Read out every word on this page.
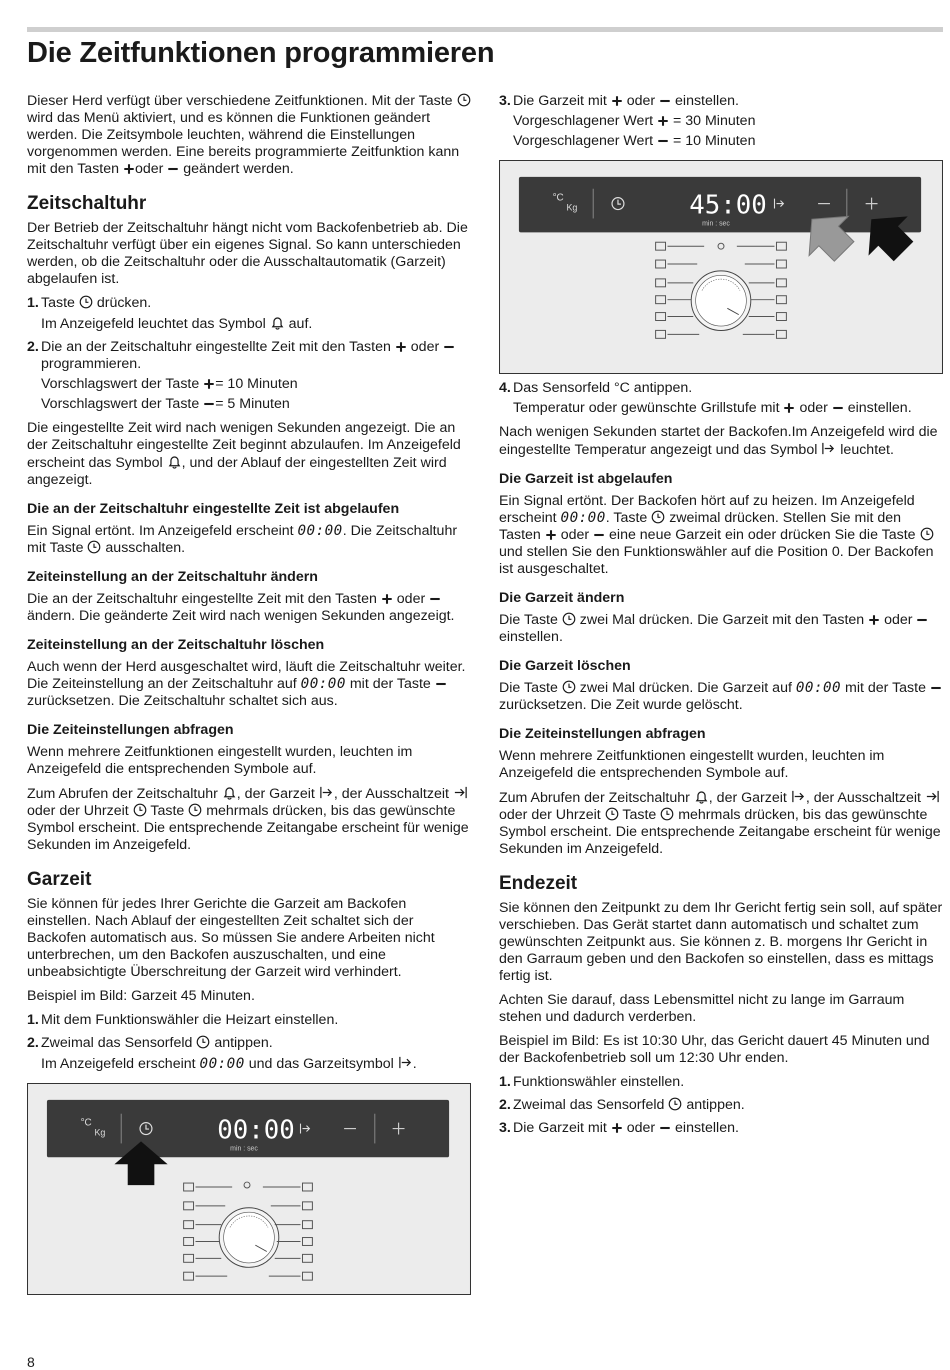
Die Zeitfunktionen programmieren

Dieser Herd verfügt über verschiedene Zeitfunktionen. Mit der Taste  wird das Menü aktiviert, und es können die Funktionen geändert werden. Die Zeitsymbole leuchten, während die Einstellungen vorgenommen werden. Eine bereits programmierte Zeitfunktion kann mit den Tasten oder geändert werden.

Zeitschaltuhr

Der Betrieb der Zeitschaltuhr hängt nicht vom Backofenbetrieb ab. Die Zeitschaltuhr verfügt über ein eigenes Signal. So kann unterschieden werden, ob die Zeitschaltuhr oder die Ausschaltautomatik (Garzeit) abgelaufen ist.

1. Taste drücken.
Im Anzeigefeld leuchtet das Symbol auf.
2. Die an der Zeitschaltuhr eingestellte Zeit mit den Tasten oder  programmieren.
Vorschlagswert der Taste = 10 Minuten
Vorschlagswert der Taste = 5 Minuten

Die eingestellte Zeit wird nach wenigen Sekunden angezeigt. Die an der Zeitschaltuhr eingestellte Zeit beginnt abzulaufen. Im Anzeigefeld erscheint das Symbol , und der Ablauf der eingestellten Zeit wird angezeigt.

Die an der Zeitschaltuhr eingestellte Zeit ist abgelaufen

Ein Signal ertönt. Im Anzeigefeld erscheint 00:00. Die Zeitschaltuhr mit Taste ausschalten.

Zeiteinstellung an der Zeitschaltuhr ändern

Die an der Zeitschaltuhr eingestellte Zeit mit den Tasten oder  ändern. Die geänderte Zeit wird nach wenigen Sekunden angezeigt.

Zeiteinstellung an der Zeitschaltuhr löschen

Auch wenn der Herd ausgeschaltet wird, läuft die Zeitschaltuhr weiter. Die Zeiteinstellung an der Zeitschaltuhr auf 00:00 mit der Taste  zurücksetzen. Die Zeitschaltuhr schaltet sich aus.

Die Zeiteinstellungen abfragen

Wenn mehrere Zeitfunktionen eingestellt wurden, leuchten im Anzeigefeld die entsprechenden Symbole auf.

Zum Abrufen der Zeitschaltuhr , der Garzeit , der Ausschaltzeit  oder der Uhrzeit Taste mehrmals drücken, bis das gewünschte Symbol erscheint. Die entsprechende Zeitangabe erscheint für wenige Sekunden im Anzeigefeld.

Garzeit

Sie können für jedes Ihrer Gerichte die Garzeit am Backofen einstellen. Nach Ablauf der eingestellten Zeit schaltet sich der Backofen automatisch aus. So müssen Sie andere Arbeiten nicht unterbrechen, um den Backofen auszuschalten, und eine unbeabsichtigte Überschreitung der Garzeit wird verhindert.

Beispiel im Bild: Garzeit 45 Minuten.

1. Mit dem Funktionswähler die Heizart einstellen.
2. Zweimal das Sensorfeld antippen.
Im Anzeigefeld erscheint 00:00 und das Garzeitsymbol .
°C
Kg	00:00
min : sec
3. Die Garzeit mit oder einstellen.
Vorgeschlagener Wert = 30 Minuten
Vorgeschlagener Wert = 10 Minuten
°C
Kg	45:00
min : sec
4. Das Sensorfeld °C antippen.
Temperatur oder gewünschte Grillstufe mit oder einstellen.

Nach wenigen Sekunden startet der Backofen.Im Anzeigefeld wird die eingestellte Temperatur angezeigt und das Symbol leuchtet.

Die Garzeit ist abgelaufen

Ein Signal ertönt. Der Backofen hört auf zu heizen. Im Anzeigefeld erscheint 00:00. Taste zweimal drücken. Stellen Sie mit den Tasten oder eine neue Garzeit ein oder drücken Sie die Taste  und stellen Sie den Funktionswähler auf die Position 0. Der Backofen ist ausgeschaltet.

Die Garzeit ändern

Die Taste zwei Mal drücken. Die Garzeit mit den Tasten oder  einstellen.

Die Garzeit löschen

Die Taste zwei Mal drücken. Die Garzeit auf 00:00 mit der Taste  zurücksetzen. Die Zeit wurde gelöscht.

Die Zeiteinstellungen abfragen

Wenn mehrere Zeitfunktionen eingestellt wurden, leuchten im Anzeigefeld die entsprechenden Symbole auf.

Zum Abrufen der Zeitschaltuhr , der Garzeit , der Ausschaltzeit  oder der Uhrzeit Taste mehrmals drücken, bis das gewünschte Symbol erscheint. Die entsprechende Zeitangabe erscheint für wenige Sekunden im Anzeigefeld.

Endezeit

Sie können den Zeitpunkt zu dem Ihr Gericht fertig sein soll, auf später verschieben. Das Gerät startet dann automatisch und schaltet zum gewünschten Zeitpunkt aus. Sie können z. B. morgens Ihr Gericht in den Garraum geben und den Backofen so einstellen, dass es mittags fertig ist.

Achten Sie darauf, dass Lebensmittel nicht zu lange im Garraum stehen und dadurch verderben.

Beispiel im Bild: Es ist 10:30 Uhr, das Gericht dauert 45 Minuten und der Backofenbetrieb soll um 12:30 Uhr enden.

1. Funktionswähler einstellen.
2. Zweimal das Sensorfeld antippen.
3. Die Garzeit mit oder einstellen.
8
